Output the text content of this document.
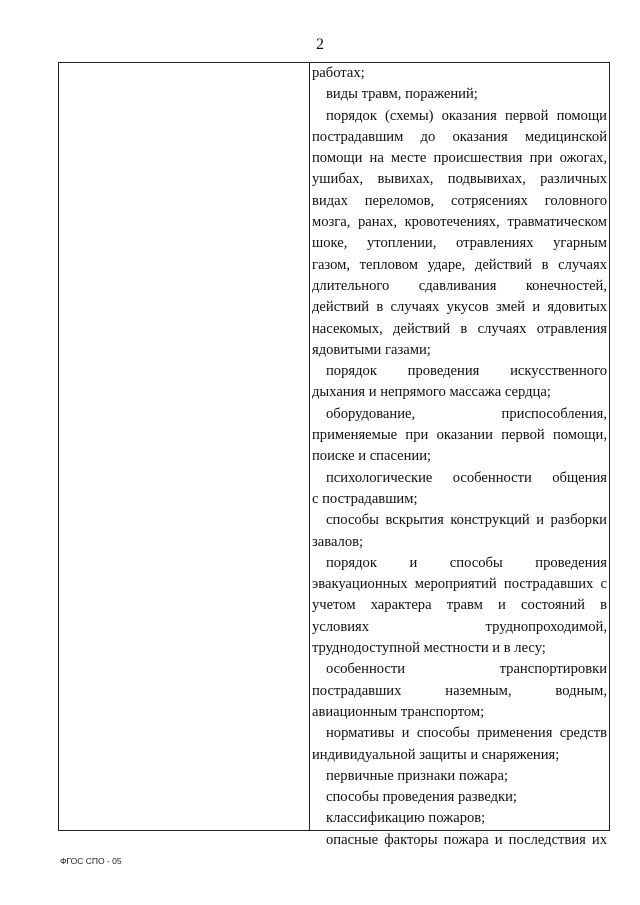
2
работах;
виды травм, поражений;
порядок (схемы) оказания первой помощи
пострадавшим до оказания медицинской
помощи на месте происшествия при ожогах,
ушибах, вывихах, подвывихах, различных
видах переломов, сотрясениях головного
мозга, ранах, кровотечениях, травматическом
шоке, утоплении, отравлениях угарным
газом, тепловом ударе, действий в случаях
длительного сдавливания конечностей,
действий в случаях укусов змей и ядовитых
насекомых, действий в случаях отравления
ядовитыми газами;
порядок проведения искусственного
дыхания и непрямого массажа сердца;
оборудование, приспособления,
применяемые при оказании первой помощи,
поиске и спасении;
психологические особенности общения
с пострадавшим;
способы вскрытия конструкций и разборки
завалов;
порядок и способы проведения
эвакуационных мероприятий пострадавших с
учетом характера травм и состояний в
условиях труднопроходимой,
труднодоступной местности и в лесу;
особенности транспортировки
пострадавших наземным, водным,
авиационным транспортом;
нормативы и способы применения средств
индивидуальной защиты и снаряжения;
первичные признаки пожара;
способы проведения разведки;
классификацию пожаров;
опасные факторы пожара и последствия их
ФГОС СПО - 05
